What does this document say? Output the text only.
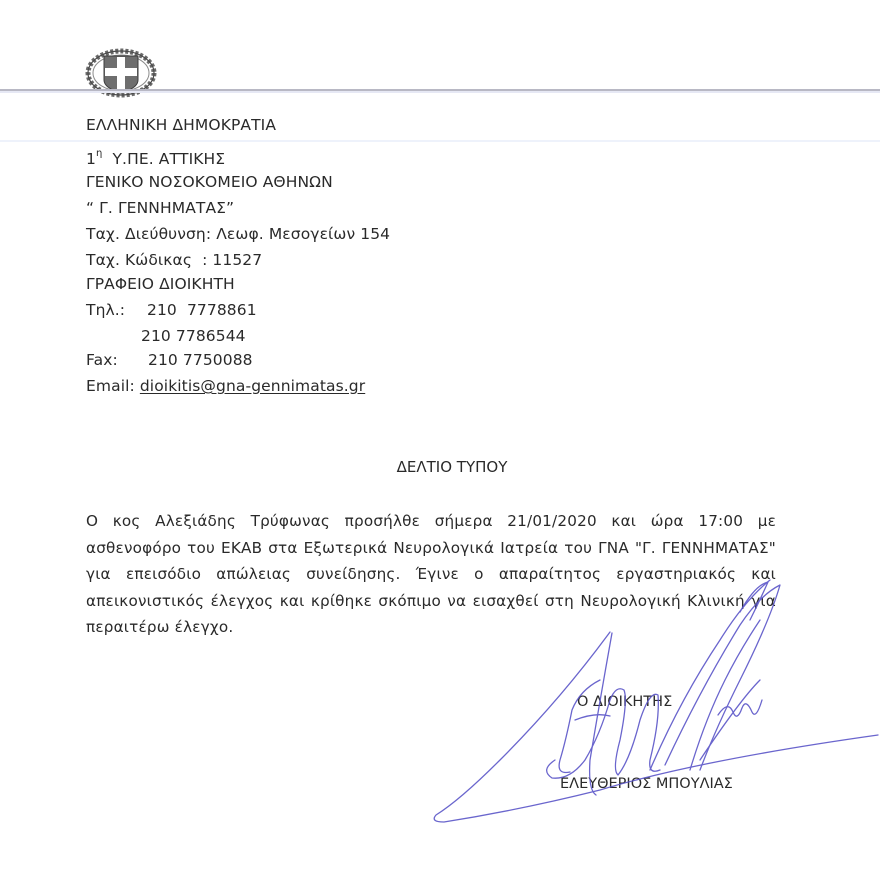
ΕΛΛΗΝΙΚΗ ΔΗΜΟΚΡΑΤΙΑ
$1^\eta$  Υ.ΠΕ. ΑΤΤΙΚΗΣ
ΓΕΝΙΚΟ ΝΟΣΟΚΟΜΕΙΟ ΑΘΗΝΩΝ
“ Γ. ΓΕΝΝΗΜΑΤΑΣ”
Ταχ. Διεύθυνση: Λεωφ. Μεσογείων 154
Ταχ. Κώδικας  : 11527
ΓΡΑΦΕΙΟ ΔΙΟΙΚΗΤΗ
Τηλ.: 210  7778861
210 7786544
Fax: 210 7750088
Email: dioikitis@gna-gennimatas.gr
ΔΕΛΤΙΟ ΤΥΠΟΥ
Ο κος Αλεξιάδης Τρύφωνας προσήλθε σήμερα 21/01/2020 και ώρα 17:00 με ασθενοφόρο του ΕΚΑΒ στα Εξωτερικά Νευρολογικά Ιατρεία του ΓΝΑ "Γ. ΓΕΝΝΗΜΑΤΑΣ" για επεισόδιο απώλειας συνείδησης. Έγινε ο απαραίτητος εργαστηριακός και απεικονιστικός έλεγχος και κρίθηκε σκόπιμο να εισαχθεί στη Νευρολογική Κλινική για περαιτέρω έλεγχο.
Ο ΔΙΟΙΚΗΤΗΣ
ΕΛΕΥΘΕΡΙΟΣ ΜΠΟΥΛΙΑΣ
